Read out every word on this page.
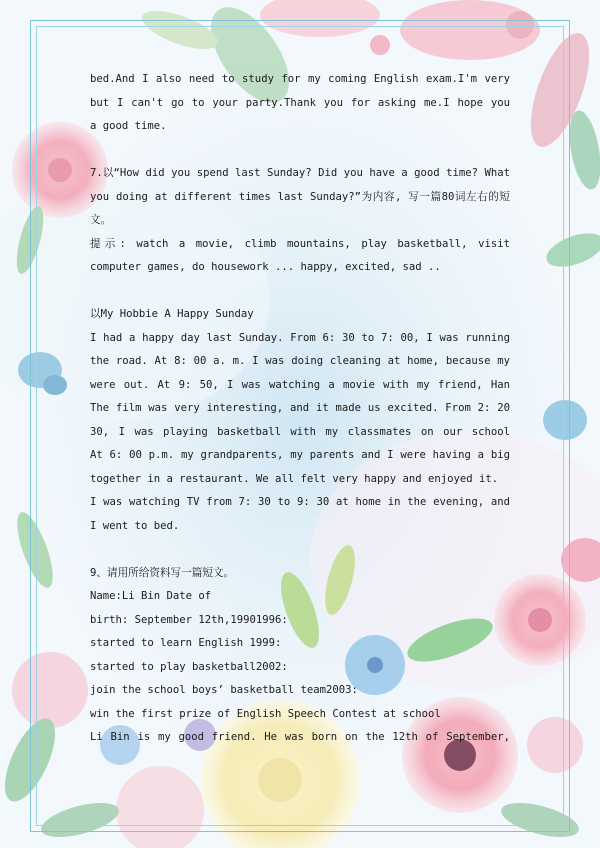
bed.And I also need to study for my coming English exam.I'm very
but I can't go to your party.Thank you for asking me.I hope you
a good time.
7.以“How did you spend last Sunday? Did you have a good time? What
you doing at different times last Sunday?”为内容, 写一篇80词左右的短
文。
提示: watch a movie, climb mountains, play basketball, visit
computer games, do housework ... happy, excited, sad ..
以My Hobbie A Happy Sunday
I had a happy day last Sunday. From 6: 30 to 7: 00, I was running
the road. At 8: 00 a. m. I was doing cleaning at home, because my
were out. At 9: 50, I was watching a movie with my friend, Han
The film was very interesting, and it made us excited. From 2: 20
30, I was playing basketball with my classmates on our school
At 6: 00 p.m. my grandparents, my parents and I were having a big
together in a restaurant. We all felt very happy and enjoyed it.
I was watching TV from 7: 30 to 9: 30 at home in the evening, and
I went to bed.
9、请用所给资料写一篇短文。
Name:Li Bin Date of
birth: September 12th,19901996:
started to learn English 1999:
started to play basketball2002:
join the school boys’ basketball team2003:
win the first prize of English Speech Contest at school
Li Bin is my good friend. He was born on the 12th of September,
